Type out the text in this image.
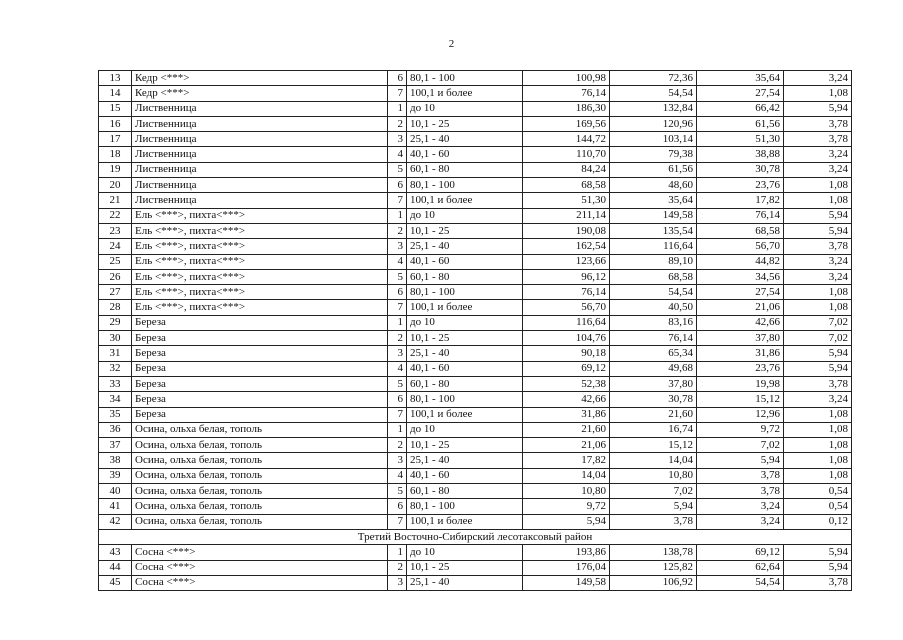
2
13	Кедр <***>	6	80,1 - 100	100,98	72,36	35,64	3,24
14	Кедр <***>	7	100,1 и более	76,14	54,54	27,54	1,08
15	Лиственница	1	до 10	186,30	132,84	66,42	5,94
16	Лиственница	2	10,1 - 25	169,56	120,96	61,56	3,78
17	Лиственница	3	25,1 - 40	144,72	103,14	51,30	3,78
18	Лиственница	4	40,1 - 60	110,70	79,38	38,88	3,24
19	Лиственница	5	60,1 - 80	84,24	61,56	30,78	3,24
20	Лиственница	6	80,1 - 100	68,58	48,60	23,76	1,08
21	Лиственница	7	100,1 и более	51,30	35,64	17,82	1,08
22	Ель <***>, пихта<***>	1	до 10	211,14	149,58	76,14	5,94
23	Ель <***>, пихта<***>	2	10,1 - 25	190,08	135,54	68,58	5,94
24	Ель <***>, пихта<***>	3	25,1 - 40	162,54	116,64	56,70	3,78
25	Ель <***>, пихта<***>	4	40,1 - 60	123,66	89,10	44,82	3,24
26	Ель <***>, пихта<***>	5	60,1 - 80	96,12	68,58	34,56	3,24
27	Ель <***>, пихта<***>	6	80,1 - 100	76,14	54,54	27,54	1,08
28	Ель <***>, пихта<***>	7	100,1 и более	56,70	40,50	21,06	1,08
29	Береза	1	до 10	116,64	83,16	42,66	7,02
30	Береза	2	10,1 - 25	104,76	76,14	37,80	7,02
31	Береза	3	25,1 - 40	90,18	65,34	31,86	5,94
32	Береза	4	40,1 - 60	69,12	49,68	23,76	5,94
33	Береза	5	60,1 - 80	52,38	37,80	19,98	3,78
34	Береза	6	80,1 - 100	42,66	30,78	15,12	3,24
35	Береза	7	100,1 и более	31,86	21,60	12,96	1,08
36	Осина, ольха белая, тополь	1	до 10	21,60	16,74	9,72	1,08
37	Осина, ольха белая, тополь	2	10,1 - 25	21,06	15,12	7,02	1,08
38	Осина, ольха белая, тополь	3	25,1 - 40	17,82	14,04	5,94	1,08
39	Осина, ольха белая, тополь	4	40,1 - 60	14,04	10,80	3,78	1,08
40	Осина, ольха белая, тополь	5	60,1 - 80	10,80	7,02	3,78	0,54
41	Осина, ольха белая, тополь	6	80,1 - 100	9,72	5,94	3,24	0,54
42	Осина, ольха белая, тополь	7	100,1 и более	5,94	3,78	3,24	0,12
Третий Восточно-Сибирский лесотаксовый район							
43	Сосна <***>	1	до 10	193,86	138,78	69,12	5,94
44	Сосна <***>	2	10,1 - 25	176,04	125,82	62,64	5,94
45	Сосна <***>	3	25,1 - 40	149,58	106,92	54,54	3,78
